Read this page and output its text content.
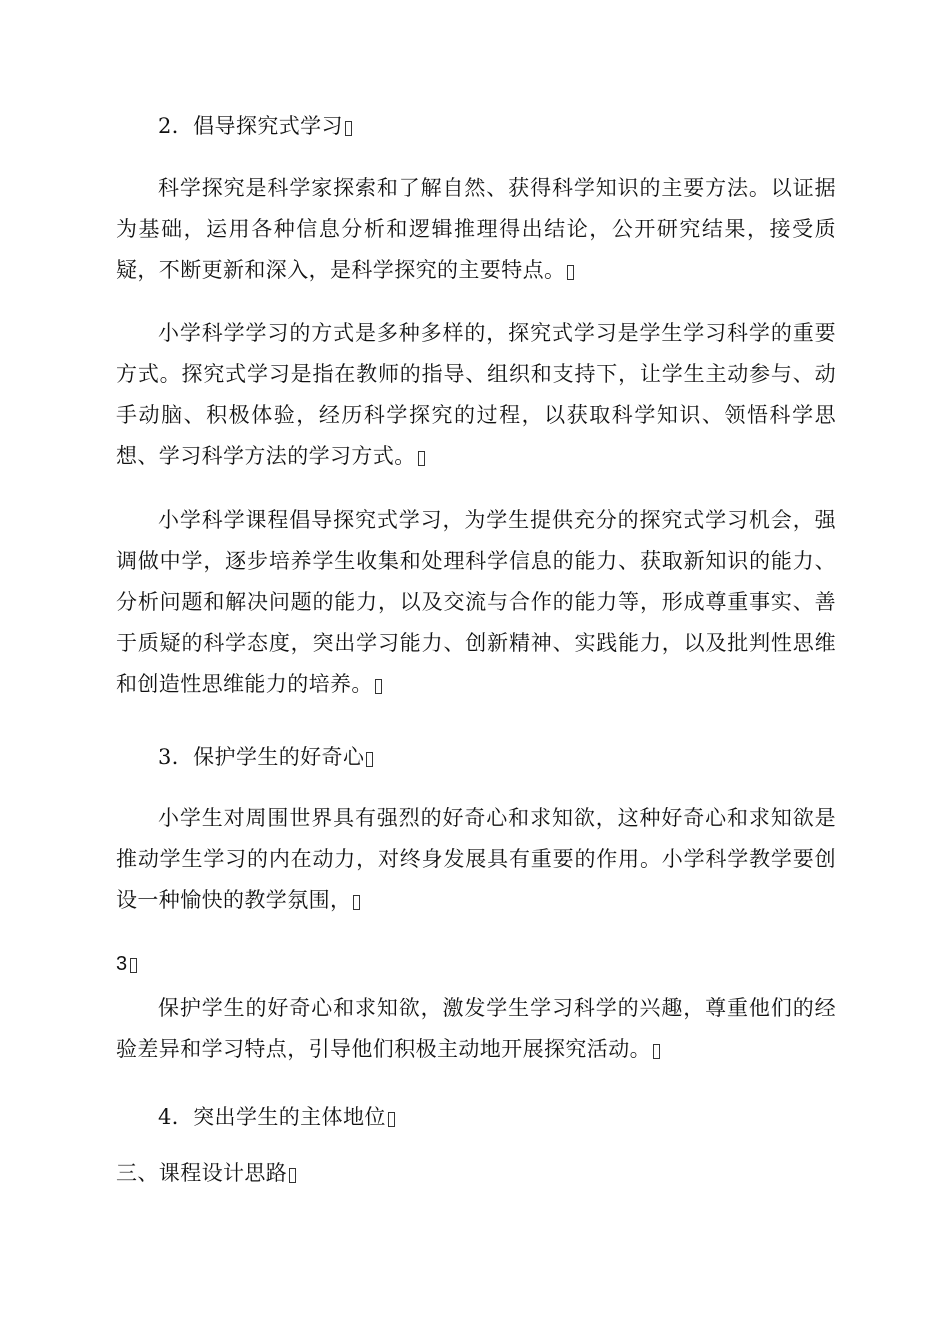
2．倡导探究式学习
科学探究是科学家探索和了解自然、获得科学知识的主要方法。以证据为基础，运用各种信息分析和逻辑推理得出结论，公开研究结果，接受质疑，不断更新和深入，是科学探究的主要特点。
小学科学学习的方式是多种多样的，探究式学习是学生学习科学的重要方式。探究式学习是指在教师的指导、组织和支持下，让学生主动参与、动手动脑、积极体验，经历科学探究的过程，以获取科学知识、领悟科学思想、学习科学方法的学习方式。
小学科学课程倡导探究式学习，为学生提供充分的探究式学习机会，强调做中学，逐步培养学生收集和处理科学信息的能力、获取新知识的能力、分析问题和解决问题的能力，以及交流与合作的能力等，形成尊重事实、善于质疑的科学态度，突出学习能力、创新精神、实践能力，以及批判性思维和创造性思维能力的培养。
3．保护学生的好奇心
小学生对周围世界具有强烈的好奇心和求知欲，这种好奇心和求知欲是推动学生学习的内在动力，对终身发展具有重要的作用。小学科学教学要创设一种愉快的教学氛围，
3
保护学生的好奇心和求知欲，激发学生学习科学的兴趣，尊重他们的经验差异和学习特点，引导他们积极主动地开展探究活动。
4．突出学生的主体地位
三、课程设计思路
